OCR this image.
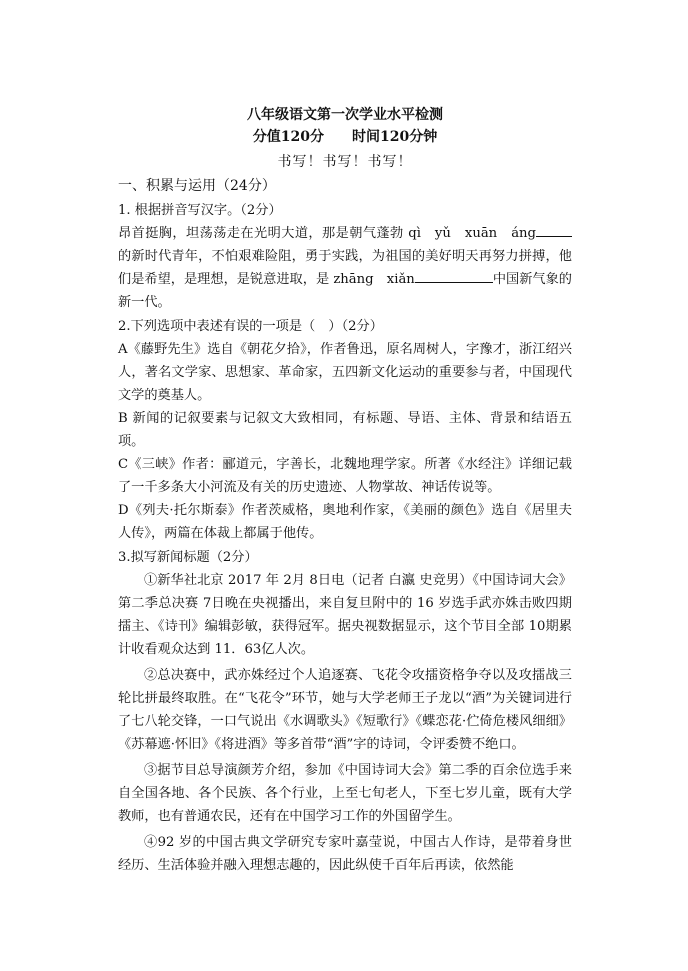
八年级语文第一次学业水平检测

分值120分　　时间120分钟

书写！书写！书写！

一、积累与运用（24分）

1. 根据拼音写汉字。（2分）

昂首挺胸，坦荡荡走在光明大道，那是朝气蓬勃 qì　yǔ　xuān　áng的新时代青年，不怕艰难险阻，勇于实践，为祖国的美好明天再努力拼搏，他们是希望，是理想，是锐意进取，是 zhāng　xiǎn	中国新气象的新一代。

2.下列选项中表述有误的一项是（　）（2分）

A《藤野先生》选自《朝花夕拾》，作者鲁迅，原名周树人，字豫才，浙江绍兴人，著名文学家、思想家、革命家，五四新文化运动的重要参与者，中国现代文学的奠基人。

B 新闻的记叙要素与记叙文大致相同，有标题、导语、主体、背景和结语五项。

C《三峡》作者：郦道元，字善长，北魏地理学家。所著《水经注》详细记载了一千多条大小河流及有关的历史遗迹、人物掌故、神话传说等。

D《列夫·托尔斯泰》作者茨威格，奥地利作家，《美丽的颜色》选自《居里夫人传》，两篇在体裁上都属于他传。

3.拟写新闻标题（2分）

①新华社北京 2017 年 2月 8日电（记者 白瀛 史竞男）《中国诗词大会》第二季总决赛 7日晚在央视播出，来自复旦附中的 16 岁选手武亦姝击败四期擂主、《诗刊》编辑彭敏，获得冠军。据央视数据显示，这个节目全部 10期累计收看观众达到 11．63亿人次。

②总决赛中，武亦姝经过个人追逐赛、飞花令攻擂资格争夺以及攻擂战三轮比拼最终取胜。在“飞花令”环节，她与大学老师王子龙以“酒”为关键词进行了七八轮交锋，一口气说出《水调歌头》《短歌行》《蝶恋花·伫倚危楼风细细》《苏幕遮·怀旧》《将进酒》等多首带“酒”字的诗词，令评委赞不绝口。

③据节目总导演颜芳介绍，参加《中国诗词大会》第二季的百余位选手来自全国各地、各个民族、各个行业，上至七旬老人，下至七岁儿童，既有大学教师，也有普通农民，还有在中国学习工作的外国留学生。

④92 岁的中国古典文学研究专家叶嘉莹说，中国古人作诗，是带着身世经历、生活体验并融入理想志趣的，因此纵使千百年后再读，依然能
